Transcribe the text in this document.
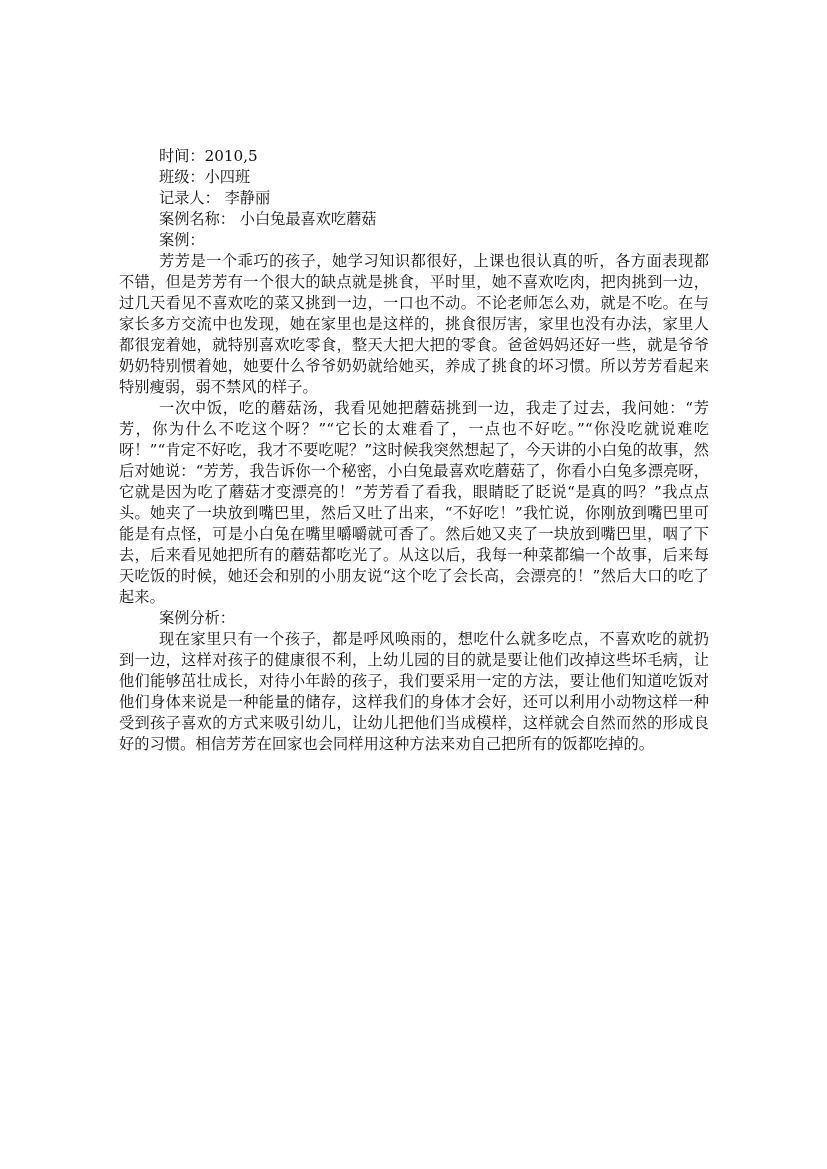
时间：2010,5

班级：小四班

记录人： 李静丽

案例名称： 小白兔最喜欢吃蘑菇

案例：

芳芳是一个乖巧的孩子，她学习知识都很好，上课也很认真的听，各方面表现都不错，但是芳芳有一个很大的缺点就是挑食，平时里，她不喜欢吃肉，把肉挑到一边，过几天看见不喜欢吃的菜又挑到一边，一口也不动。不论老师怎么劝，就是不吃。在与家长多方交流中也发现，她在家里也是这样的，挑食很厉害，家里也没有办法，家里人都很宠着她，就特别喜欢吃零食，整天大把大把的零食。爸爸妈妈还好一些，就是爷爷奶奶特别惯着她，她要什么爷爷奶奶就给她买，养成了挑食的坏习惯。所以芳芳看起来特别瘦弱，弱不禁风的样子。

一次中饭，吃的蘑菇汤，我看见她把蘑菇挑到一边，我走了过去，我问她：“芳芳，你为什么不吃这个呀？”“它长的太难看了，一点也不好吃。”“你没吃就说难吃呀！”“肯定不好吃，我才不要吃呢？”这时候我突然想起了，今天讲的小白兔的故事，然后对她说：“芳芳，我告诉你一个秘密，小白兔最喜欢吃蘑菇了，你看小白兔多漂亮呀，它就是因为吃了蘑菇才变漂亮的！”芳芳看了看我，眼睛眨了眨说“是真的吗？”我点点头。她夹了一块放到嘴巴里，然后又吐了出来，“不好吃！”我忙说，你刚放到嘴巴里可能是有点怪，可是小白兔在嘴里嚼嚼就可香了。然后她又夹了一块放到嘴巴里，咽了下去，后来看见她把所有的蘑菇都吃光了。从这以后，我每一种菜都编一个故事，后来每天吃饭的时候，她还会和别的小朋友说“这个吃了会长高，会漂亮的！”然后大口的吃了起来。

案例分析：

现在家里只有一个孩子，都是呼风唤雨的，想吃什么就多吃点，不喜欢吃的就扔到一边，这样对孩子的健康很不利，上幼儿园的目的就是要让他们改掉这些坏毛病，让他们能够茁壮成长，对待小年龄的孩子，我们要采用一定的方法，要让他们知道吃饭对他们身体来说是一种能量的储存，这样我们的身体才会好，还可以利用小动物这样一种受到孩子喜欢的方式来吸引幼儿，让幼儿把他们当成模样，这样就会自然而然的形成良好的习惯。相信芳芳在回家也会同样用这种方法来劝自己把所有的饭都吃掉的。
